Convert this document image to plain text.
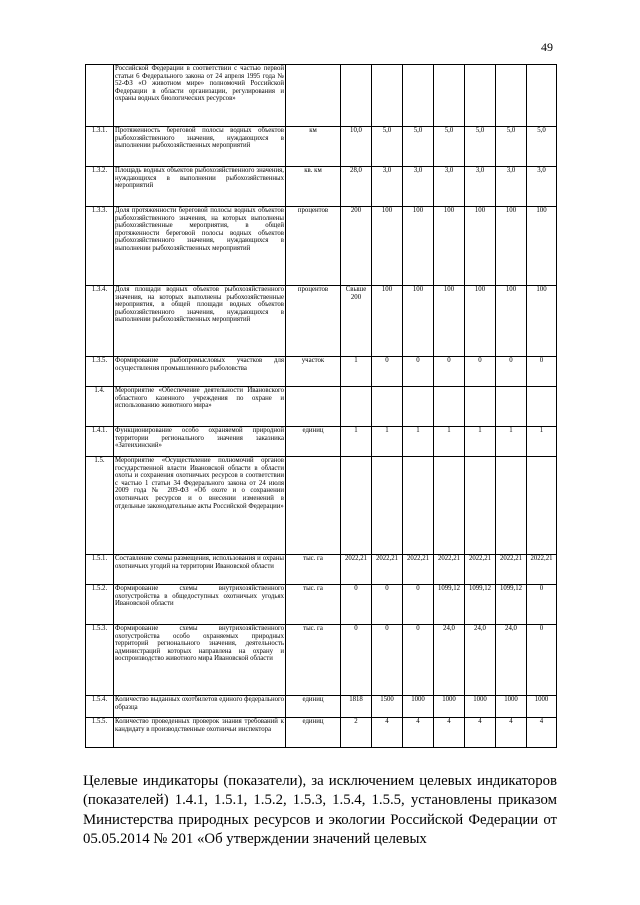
49
	Российской Федерации в соответствии с частью первой статьи 6 Федерального закона от 24 апреля 1995 года № 52-ФЗ «О животном мире» полномочий Российской Федерации в области организации, регулирования и охраны водных биологических ресурсов»								
1.3.1.	Протяженность береговой полосы водных объектов рыбохозяйственного значения, нуждающихся в выполнении рыбохозяйственных мероприятий	км	10,0	5,0	5,0	5,0	5,0	5,0	5,0
1.3.2.	Площадь водных объектов рыбохозяйственного значения, нуждающихся в выполнении рыбохозяйственных мероприятий	кв. км	28,0	3,0	3,0	3,0	3,0	3,0	3,0
1.3.3.	Доля протяженности береговой полосы водных объектов рыбохозяйственного значения, на которых выполнены рыбохозяйственные мероприятия, в общей протяженности береговой полосы водных объектов рыбохозяйственного значения, нуждающихся в выполнении рыбохозяйственных мероприятий	процентов	200	100	100	100	100	100	100
1.3.4.	Доля площади водных объектов рыбохозяйственного значения, на которых выполнены рыбохозяйственные мероприятия, в общей площади водных объектов рыбохозяйственного значения, нуждающихся в выполнении рыбохозяйственных мероприятий	процентов	Свыше 200	100	100	100	100	100	100
1.3.5.	Формирование рыбопромысловых участков для осуществления промышленного рыболовства	участок	1	0	0	0	0	0	0
1.4.	Мероприятие «Обеспечение деятельности Ивановского областного казенного учреждения по охране и использованию животного мира»								
1.4.1.	Функционирование особо охраняемой природной территории регионального значения заказника «Затеихинский»	единиц	1	1	1	1	1	1	1
1.5.	Мероприятие «Осуществление полномочий органов государственной власти Ивановской области в области охоты и сохранения охотничьих ресурсов в соответствии с частью 1 статьи 34 Федерального закона от 24 июля 2009 года № 209-ФЗ «Об охоте и о сохранении охотничьих ресурсов и о внесении изменений в отдельные законодательные акты Российской Федерации»								
1.5.1.	Составление схемы размещения, использования и охраны охотничьих угодий на территории Ивановской области	тыс. га	2022,21	2022,21	2022,21	2022,21	2022,21	2022,21	2022,21
1.5.2.	Формирование схемы внутрихозяйственного охотустройства в общедоступных охотничьих угодьях Ивановской области	тыс. га	0	0	0	1099,12	1099,12	1099,12	0
1.5.3.	Формирование схемы внутрихозяйственного охотустройства особо охраняемых природных территорий регионального значения, деятельность администраций которых направлена на охрану и воспроизводство животного мира Ивановской области	тыс. га	0	0	0	24,0	24,0	24,0	0
1.5.4.	Количество выданных охотбилетов единого федерального образца	единиц	1818	1500	1000	1000	1000	1000	1000
1.5.5.	Количество проведенных проверок знания требований к кандидату в производственные охотничьи инспектора	единиц	2	4	4	4	4	4	4
Целевые индикаторы (показатели), за исключением целевых индикаторов (показателей) 1.4.1, 1.5.1, 1.5.2, 1.5.3, 1.5.4, 1.5.5, установлены приказом Министерства природных ресурсов и экологии Российской Федерации от 05.05.2014 № 201 «Об утверждении значений целевых
